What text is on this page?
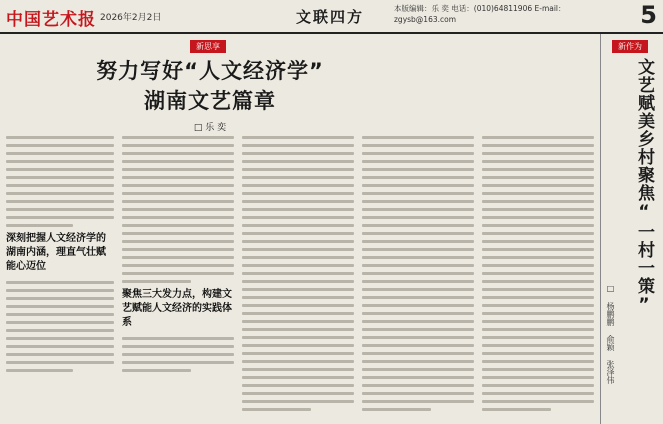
中国艺术报 2026年2月2日	文联四方	本版编辑：乐 奕 电话：(010)64811906 E-mail：zgysb@163.com	5
新思享
努力写好“人文经济学”
湖南文艺篇章
□ 乐 奕
深刻把握人文经济学的湖南内涵，理直气壮赋能心迈位
聚焦三大发力点，构建文艺赋能人文经济的实践体系
新作为
文艺赋美乡村聚焦“一村一策”
□ 杨鹏鹏 俞颖 张泽伟
